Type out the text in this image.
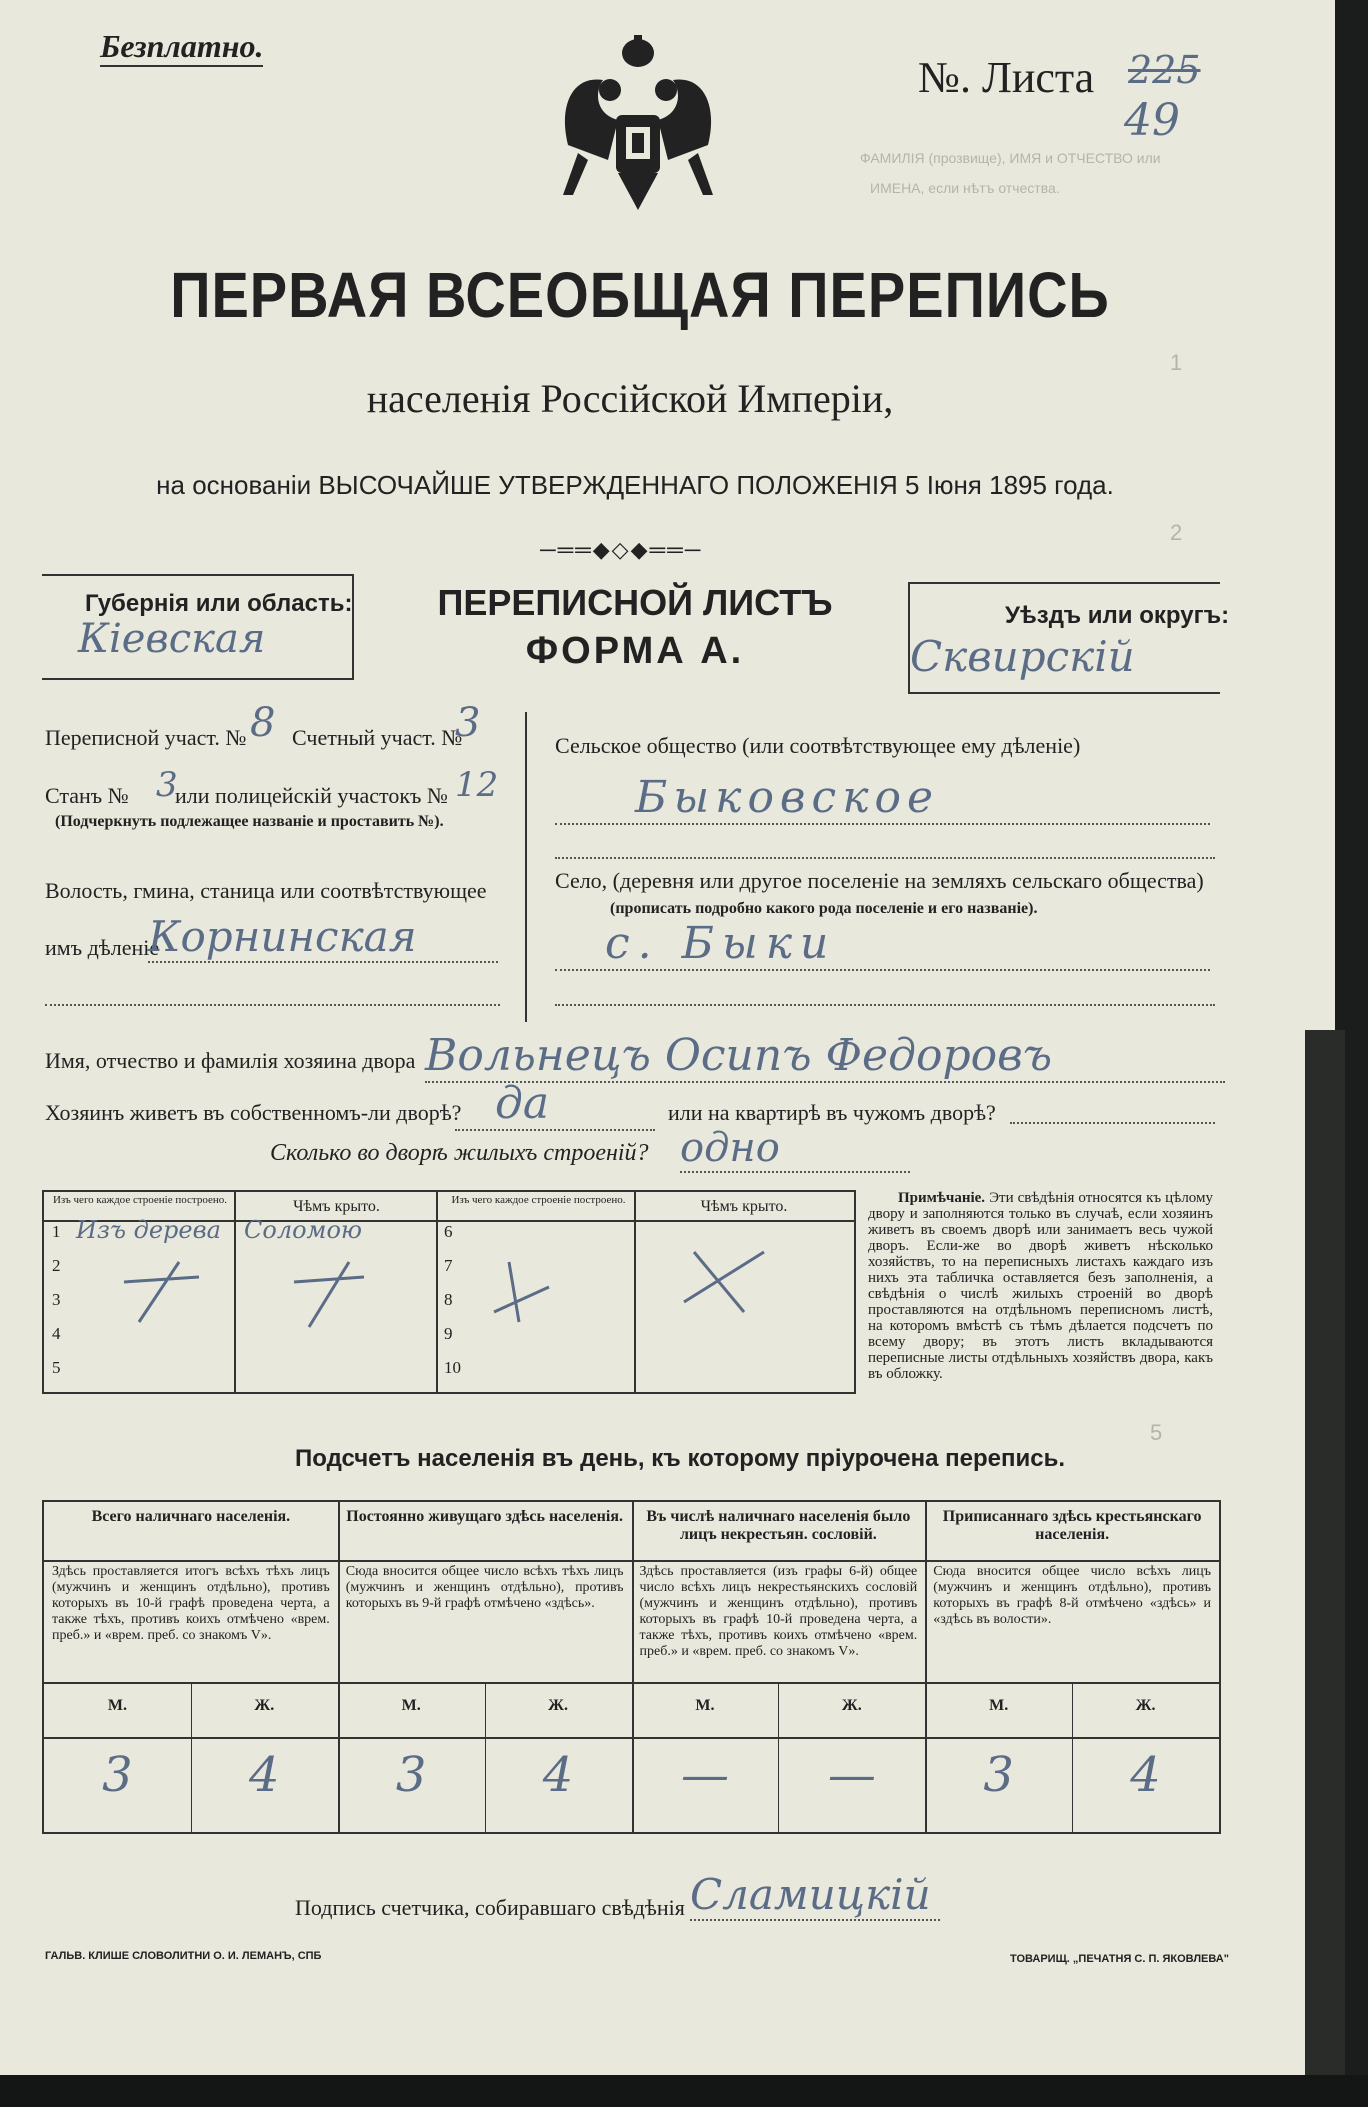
ФАМИЛІЯ (прозвище), ИМЯ и ОТЧЕСТВО или
ИМЕНА, если нѣтъ отчества.
1
2
5
Безплатно.
№. Листа 225
49
ПЕРВАЯ ВСЕОБЩАЯ ПЕРЕПИСЬ
населенія Россійской Имперіи,
на основаніи ВЫСОЧАЙШЕ УТВЕРЖДЕННАГО ПОЛОЖЕНІЯ 5 Іюня 1895 года.
─══◆◇◆══─
Губернія или область:
Кіевская
ПЕРЕПИСНОЙ ЛИСТЪ
ФОРМА А.
Уѣздъ или округъ:
Сквирскій
Переписной участ. № 8 Счетный участ. №
3
Станъ № 3
или полицейскій участокъ № 12
(Подчеркнуть подлежащее названіе и проставить №).
Волость, гмина, станица или соотвѣтствующее
имъ дѣленіе
Корнинская
Сельское общество (или соотвѣтствующее ему дѣленіе)
Быковское
Село, (деревня или другое поселеніе на земляхъ сельскаго общества)
(прописать подробно какого рода поселеніе и его названіе).
с. Быки
Имя, отчество и фамилія хозяина двора Вольнецъ Осипъ Федоровъ
Хозяинъ живетъ въ собственномъ-ли дворѣ? да	или на квартирѣ въ чужомъ дворѣ?
Сколько во дворѣ жилыхъ строеній? одно
Изъ чего каждое строеніе построено.	Чѣмъ крыто.	Изъ чего каждое строеніе построено.	Чѣмъ крыто.
1 Изъ дерева Соломою
2
3
4
5
6
7
8
9
10
Примѣчаніе. Эти свѣдѣнія относятся къ цѣлому двору и заполняются только въ случаѣ, если хозяинъ живетъ въ своемъ дворѣ или занимаетъ весь чужой дворъ. Если-же во дворѣ живетъ нѣсколько хозяйствъ, то на переписныхъ листахъ каждаго изъ нихъ эта табличка оставляется безъ заполненія, а свѣдѣнія о числѣ жилыхъ строеній во дворѣ проставляются на отдѣльномъ переписномъ листѣ, на которомъ вмѣстѣ съ тѣмъ дѣлается подсчетъ по всему двору; въ этотъ листъ вкладываются переписные листы отдѣльныхъ хозяйствъ двора, какъ въ обложку.
Подсчетъ населенія въ день, къ которому пріурочена перепись.
Всего наличнаго населенія.
Здѣсь проставляется итогъ всѣхъ тѣхъ лицъ (мужчинъ и женщинъ отдѣльно), противъ которыхъ въ 10-й графѣ проведена черта, а также тѣхъ, противъ коихъ отмѣчено «врем. преб.» и «врем. преб. со знакомъ V».
М.	Ж.
3	4
Постоянно живущаго здѣсь населенія.
Сюда вносится общее число всѣхъ тѣхъ лицъ (мужчинъ и женщинъ отдѣльно), противъ которыхъ въ 9-й графѣ отмѣчено «здѣсь».
М.	Ж.
3	4
Въ числѣ наличнаго населенія было лицъ некрестьян. сословій.
Здѣсь проставляется (изъ графы 6-й) общее число всѣхъ лицъ некрестьянскихъ сословій (мужчинъ и женщинъ отдѣльно), противъ которыхъ въ графѣ 10-й проведена черта, а также тѣхъ, противъ коихъ отмѣчено «врем. преб.» и «врем. преб. со знакомъ V».
М.	Ж.
—	—
Приписаннаго здѣсь крестьянскаго населенія.
Сюда вносится общее число всѣхъ лицъ (мужчинъ и женщинъ отдѣльно), противъ которыхъ въ графѣ 8-й отмѣчено «здѣсь» и «здѣсь въ волости».
М.	Ж.
3	4
Подпись счетчика, собиравшаго свѣдѣнія Сламицкій
ГАЛЬВ. КЛИШЕ СЛОВОЛИТНИ О. И. ЛЕМАНЪ, СПБ	ТОВАРИЩ. „ПЕЧАТНЯ С. П. ЯКОВЛЕВА"
